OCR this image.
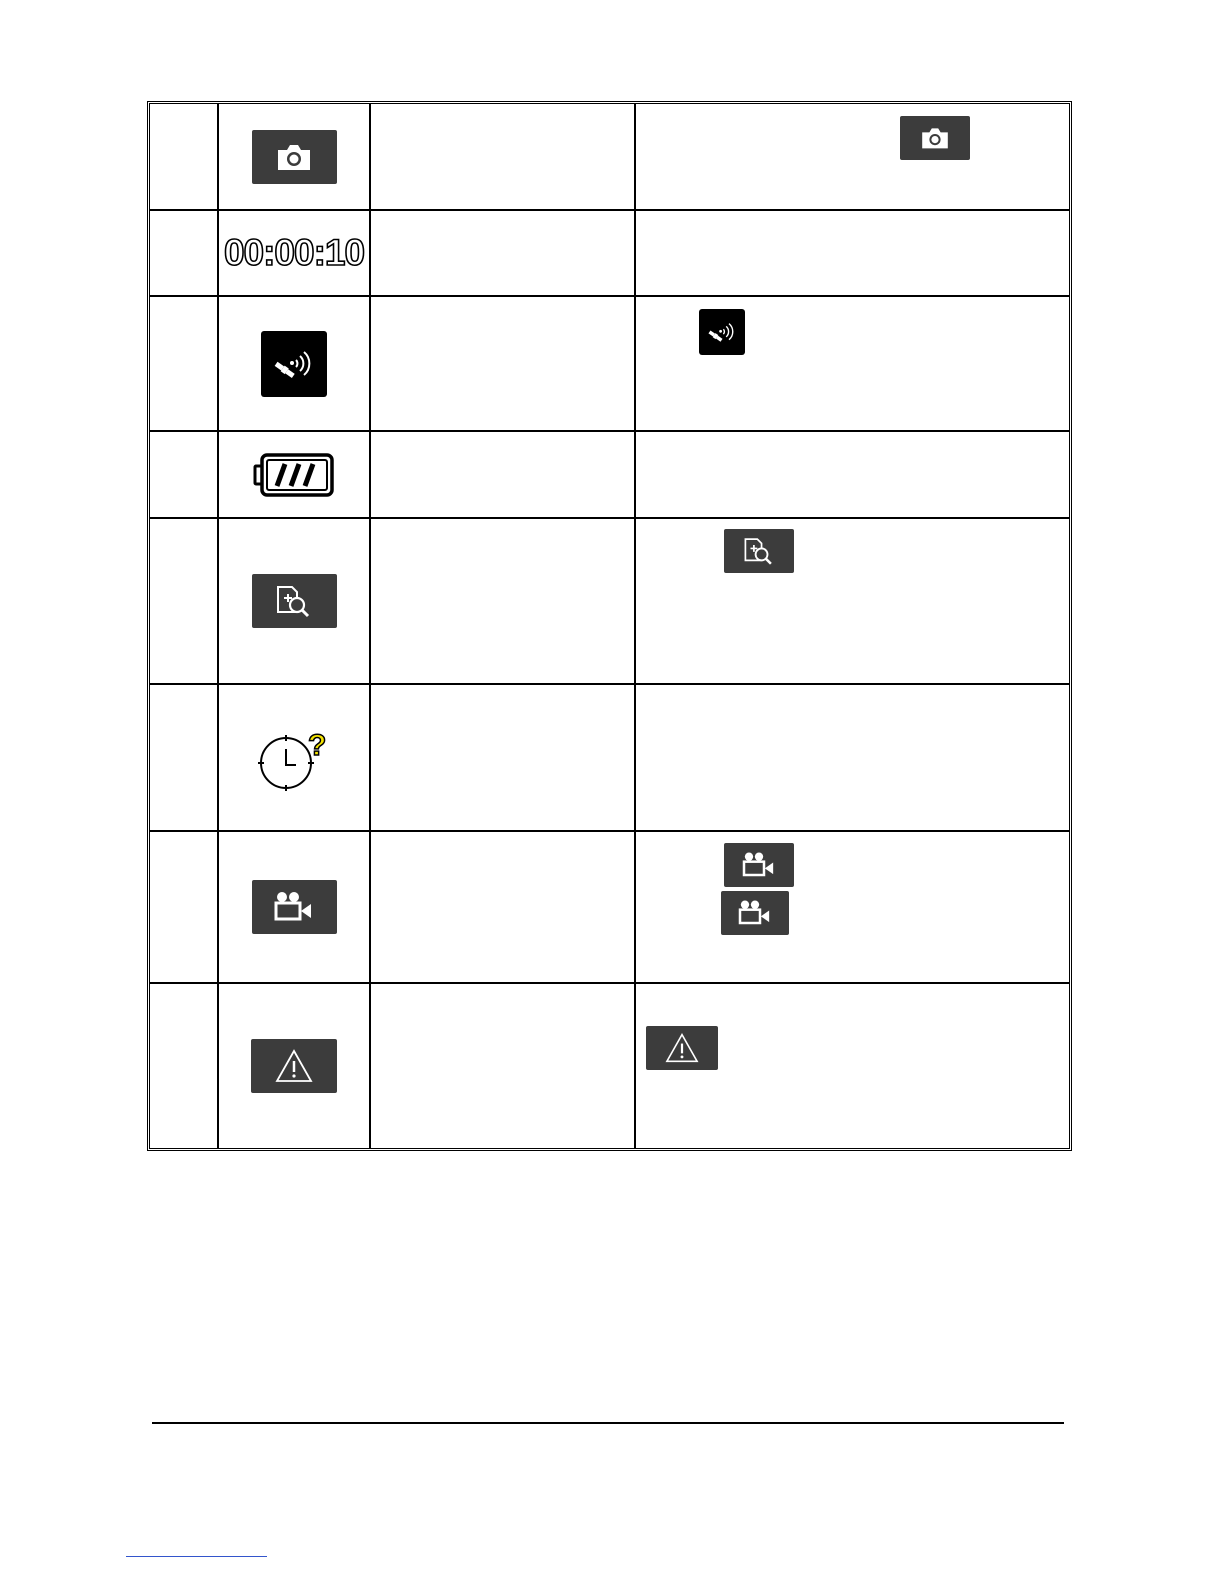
00:00:10
?
